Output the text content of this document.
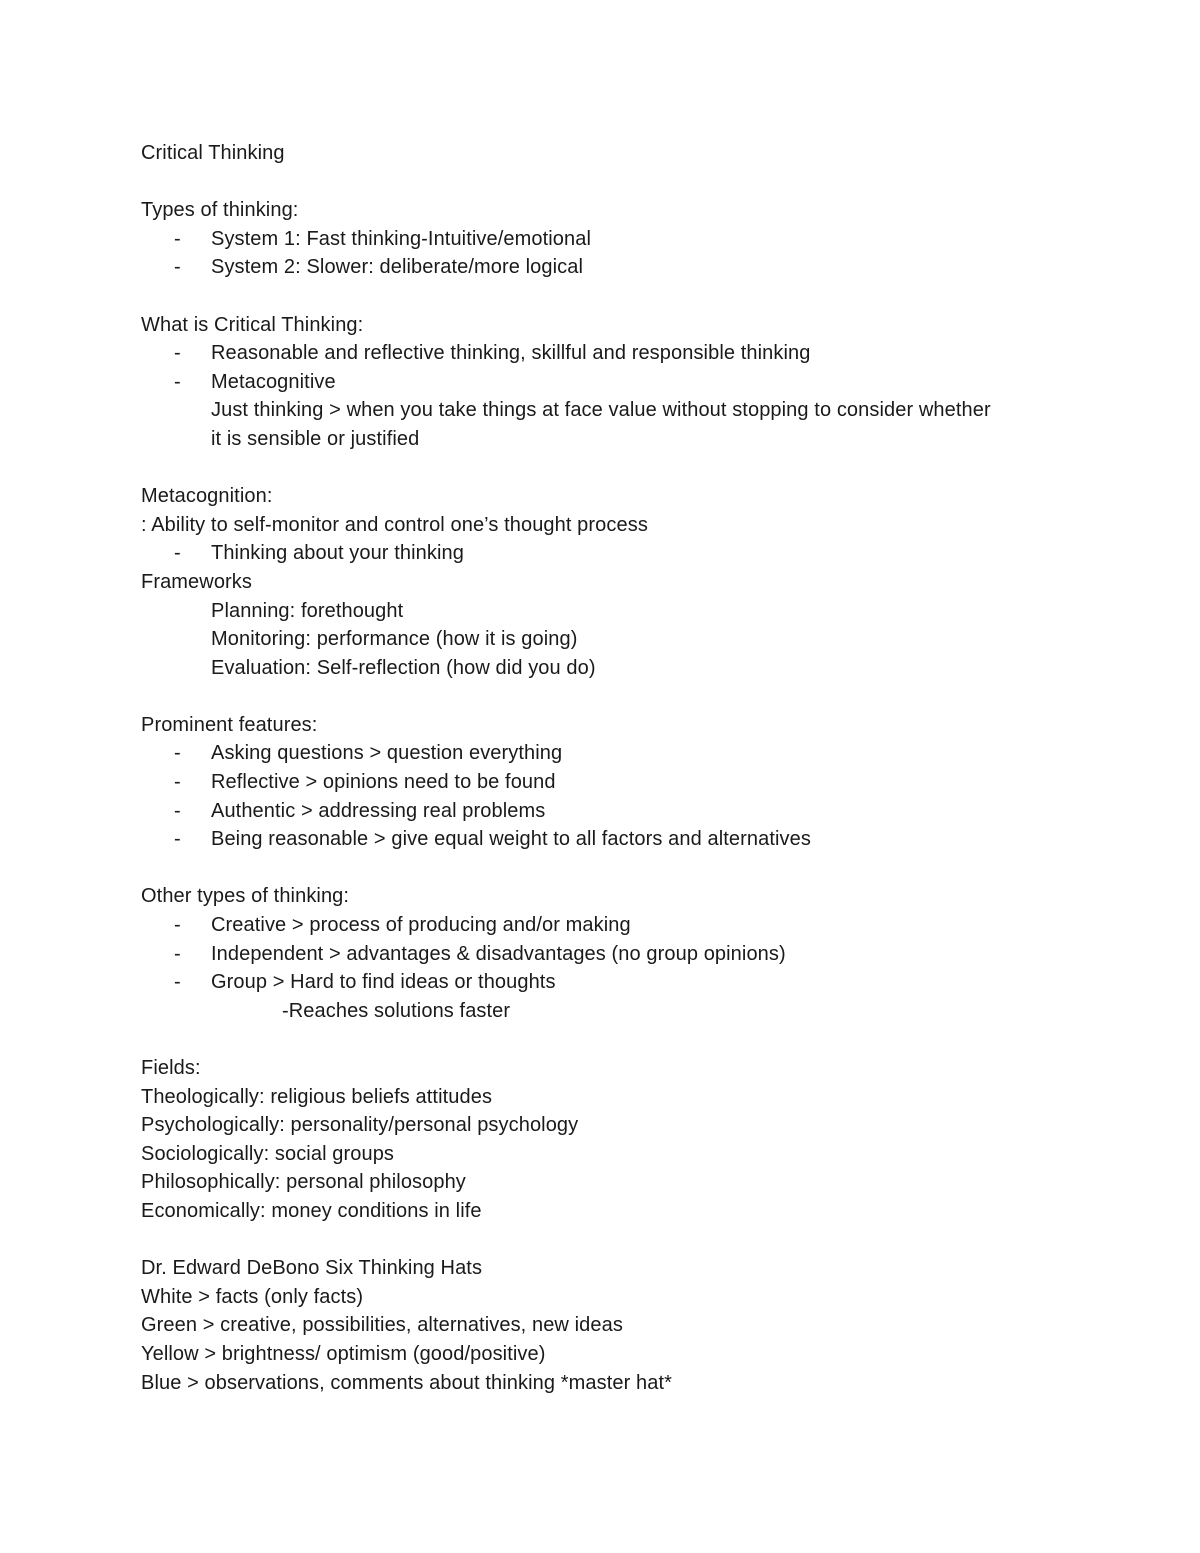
Critical Thinking
Types of thinking:
- System 1: Fast thinking-Intuitive/emotional
- System 2: Slower: deliberate/more logical
What is Critical Thinking:
- Reasonable and reflective thinking, skillful and responsible thinking
- Metacognitive
Just thinking > when you take things at face value without stopping to consider whether
it is sensible or justified
Metacognition:
: Ability to self-monitor and control one’s thought process
- Thinking about your thinking
Frameworks
Planning: forethought
Monitoring: performance (how it is going)
Evaluation: Self-reflection (how did you do)
Prominent features:
- Asking questions > question everything
- Reflective > opinions need to be found
- Authentic > addressing real problems
- Being reasonable > give equal weight to all factors and alternatives
Other types of thinking:
- Creative > process of producing and/or making
- Independent > advantages & disadvantages (no group opinions)
- Group > Hard to find ideas or thoughts
-Reaches solutions faster
Fields:
Theologically: religious beliefs attitudes
Psychologically: personality/personal psychology
Sociologically: social groups
Philosophically: personal philosophy
Economically: money conditions in life
Dr. Edward DeBono Six Thinking Hats
White > facts (only facts)
Green > creative, possibilities, alternatives, new ideas
Yellow > brightness/ optimism (good/positive)
Blue > observations, comments about thinking *master hat*
